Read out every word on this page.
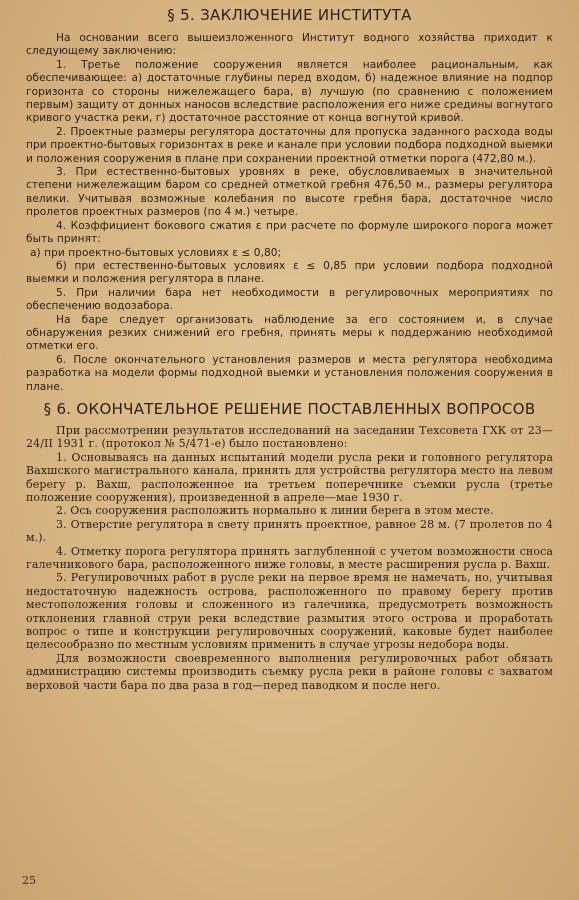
§ 5. ЗАКЛЮЧЕНИЕ ИНСТИТУТА

На основании всего вышеизложенного Институт водного хозяйства приходит к следующему заключению:

1. Третье положение сооружения является наиболее рациональным, как обеспечивающее: а) достаточные глубины перед входом, б) надежное влияние на подпор горизонта со стороны нижележащего бара, в) лучшую (по сравнению с положением первым) защиту от донных наносов вследствие расположения его ниже средины вогнутого кривого участка реки, г) достаточное расстояние от конца вогнутой кривой.

2. Проектные размеры регулятора достаточны для пропуска заданного расхода воды при проектно-бытовых горизонтах в реке и канале при условии подбора подходной выемки и положения сооружения в плане при сохранении проектной отметки порога (472,80 м.).

3. При естественно-бытовых уровнях в реке, обусловливаемых в значительной степени нижележащим баром со средней отметкой гребня 476,50 м., размеры регулятора велики. Учитывая возможные колебания по высоте гребня бара, достаточное число пролетов проектных размеров (по 4 м.) четыре.

4. Коэффициент бокового сжатия ε при расчете по формуле широкого порога может быть принят:

а) при проектно-бытовых условиях ε ≤ 0,80;

б) при естественно-бытовых условиях ε ≤ 0,85 при условии подбора подходной выемки и положения регулятора в плане.

5. При наличии бара нет необходимости в регулировочных мероприятиях по обеспечению водозабора.

На баре следует организовать наблюдение за его состоянием и, в случае обнаружения резких снижений его гребня, принять меры к поддержанию необходимой отметки его.

6. После окончательного установления размеров и места регулятора необходима разработка на модели формы подходной выемки и установления положения сооружения в плане.

§ 6. ОКОНЧАТЕЛЬНОЕ РЕШЕНИЕ ПОСТАВЛЕННЫХ ВОПРОСОВ

При рассмотрении результатов исследований на заседании Техсовета ГХК от 23—24/II 1931 г. (протокол № 5/471-е) было постановлено:

1. Основываясь на данных испытаний модели русла реки и головного регулятора Вахшского магистрального канала, принять для устройства регулятора место на левом берегу р. Вахш, расположенное на третьем поперечнике съемки русла (третье положение сооружения), произведенной в апреле—мае 1930 г.

2. Ось сооружения расположить нормально к линии берега в этом месте.

3. Отверстие регулятора в свету принять проектное, равное 28 м. (7 пролетов по 4 м.).

4. Отметку порога регулятора принять заглубленной с учетом возможности сноса галечникового бара, расположенного ниже головы, в месте расширения русла р. Вахш.

5. Регулировочных работ в русле реки на первое время не намечать, но, учитывая недостаточную надежность острова, расположенного по правому берегу против местоположения головы и сложенного из галечника, предусмотреть возможность отклонения главной струи реки вследствие размытия этого острова и проработать вопрос о типе и конструкции регулировочных сооружений, каковые будет наиболее целесообразно по местным условиям применить в случае угрозы недобора воды.

Для возможности своевременного выполнения регулировочных работ обязать администрацию системы производить съемку русла реки в районе головы с захватом верховой части бара по два раза в год—перед паводком и после него.

25
